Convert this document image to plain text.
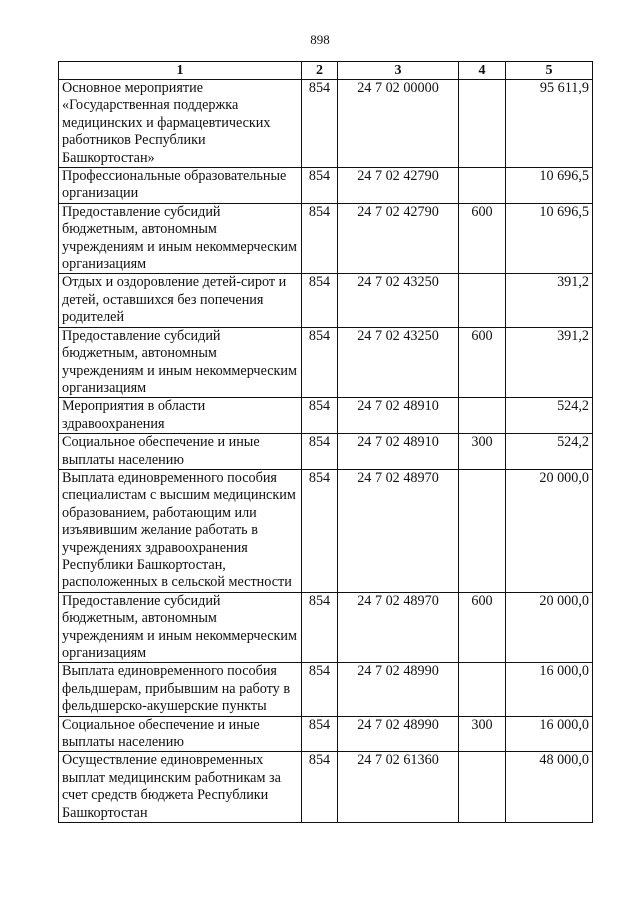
898
1	2	3	4	5
Основное мероприятие «Государственная поддержка медицинских и фармацевтических работников Республики Башкортостан»	854	24 7 02 00000		95 611,9
Профессиональные образовательные организации	854	24 7 02 42790		10 696,5
Предоставление субсидий бюджетным, автономным учреждениям и иным некоммерческим организациям	854	24 7 02 42790	600	10 696,5
Отдых и оздоровление детей-сирот и детей, оставшихся без попечения родителей	854	24 7 02 43250		391,2
Предоставление субсидий бюджетным, автономным учреждениям и иным некоммерческим организациям	854	24 7 02 43250	600	391,2
Мероприятия в области здравоохранения	854	24 7 02 48910		524,2
Социальное обеспечение и иные выплаты населению	854	24 7 02 48910	300	524,2
Выплата единовременного пособия специалистам с высшим медицинским образованием, работающим или изъявившим желание работать в учреждениях здравоохранения Республики Башкортостан, расположенных в сельской местности	854	24 7 02 48970		20 000,0
Предоставление субсидий бюджетным, автономным учреждениям и иным некоммерческим организациям	854	24 7 02 48970	600	20 000,0
Выплата единовременного пособия фельдшерам, прибывшим на работу в фельдшерско-акушерские пункты	854	24 7 02 48990		16 000,0
Социальное обеспечение и иные выплаты населению	854	24 7 02 48990	300	16 000,0
Осуществление единовременных выплат медицинским работникам за счет средств бюджета Республики Башкортостан	854	24 7 02 61360		48 000,0
